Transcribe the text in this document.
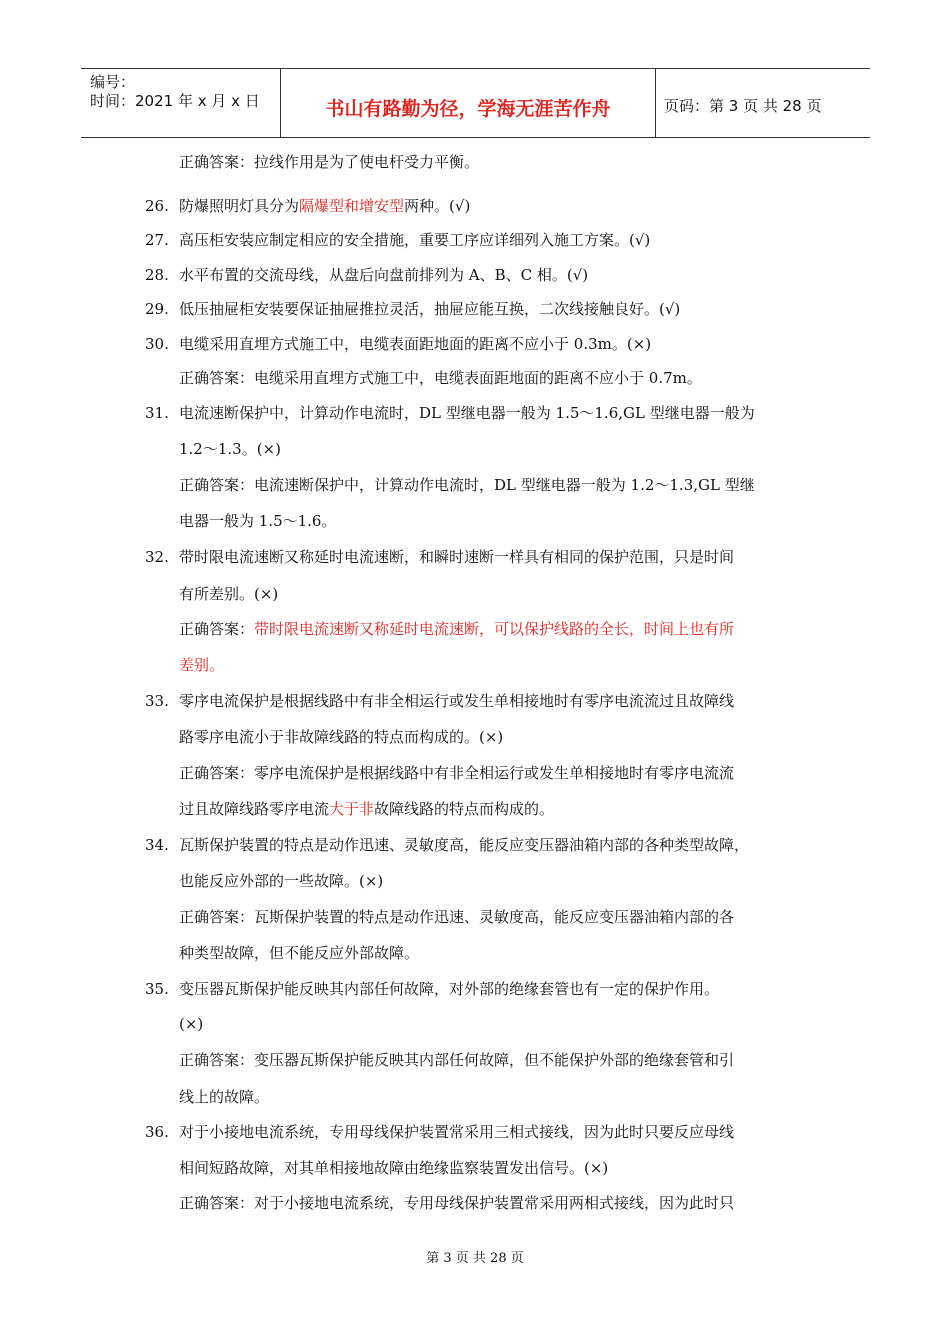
编号：
时间：2021 年 x 月 x 日	书山有路勤为径，学海无涯苦作舟	页码：第 3 页 共 28 页
正确答案：拉线作用是为了使电杆受力平衡。
26. 防爆照明灯具分为隔爆型和增安型两种。(√)
27. 高压柜安装应制定相应的安全措施，重要工序应详细列入施工方案。(√)
28. 水平布置的交流母线，从盘后向盘前排列为 A、B、C 相。(√)
29. 低压抽屉柜安装要保证抽屉推拉灵活，抽屉应能互换，二次线接触良好。(√)
30. 电缆采用直埋方式施工中，电缆表面距地面的距离不应小于 0.3m。(×)
正确答案：电缆采用直埋方式施工中，电缆表面距地面的距离不应小于 0.7m。
31. 电流速断保护中，计算动作电流时，DL 型继电器一般为 1.5～1.6,GL 型继电器一般为
1.2～1.3。(×)
正确答案：电流速断保护中，计算动作电流时，DL 型继电器一般为 1.2～1.3,GL 型继
电器一般为 1.5～1.6。
32. 带时限电流速断又称延时电流速断，和瞬时速断一样具有相同的保护范围，只是时间
有所差别。(×)
正确答案：带时限电流速断又称延时电流速断，可以保护线路的全长，时间上也有所
差别。
33. 零序电流保护是根据线路中有非全相运行或发生单相接地时有零序电流流过且故障线
路零序电流小于非故障线路的特点而构成的。(×)
正确答案：零序电流保护是根据线路中有非全相运行或发生单相接地时有零序电流流
过且故障线路零序电流大于非故障线路的特点而构成的。
34. 瓦斯保护装置的特点是动作迅速、灵敏度高，能反应变压器油箱内部的各种类型故障，
也能反应外部的一些故障。(×)
正确答案：瓦斯保护装置的特点是动作迅速、灵敏度高，能反应变压器油箱内部的各
种类型故障，但不能反应外部故障。
35. 变压器瓦斯保护能反映其内部任何故障，对外部的绝缘套管也有一定的保护作用。
(×)
正确答案：变压器瓦斯保护能反映其内部任何故障，但不能保护外部的绝缘套管和引
线上的故障。
36. 对于小接地电流系统，专用母线保护装置常采用三相式接线，因为此时只要反应母线
相间短路故障，对其单相接地故障由绝缘监察装置发出信号。(×)
正确答案：对于小接地电流系统，专用母线保护装置常采用两相式接线，因为此时只
第 3 页 共 28 页
